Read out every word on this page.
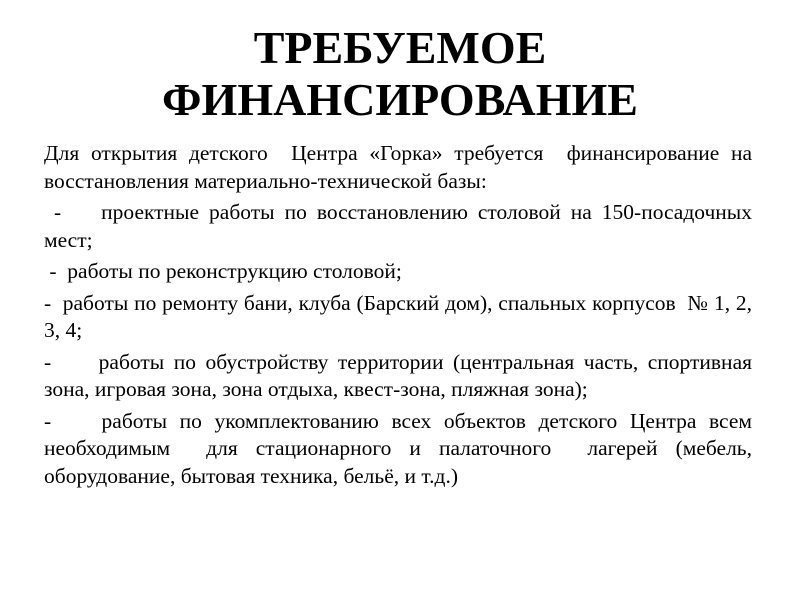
ТРЕБУЕМОЕ
ФИНАНСИРОВАНИЕ

Для открытия детского  Центра «Горка» требуется  финансирование на восстановления материально-технической базы:

-    проектные работы по восстановлению столовой на 150-посадочных мест;

-  работы по реконструкцию столовой;

-  работы по ремонту бани, клуба (Барский дом), спальных корпусов  № 1, 2, 3, 4;

-     работы по обустройству территории (центральная часть, спортивная зона, игровая зона, зона отдыха, квест-зона, пляжная зона);

-    работы по укомплектованию всех объектов детского Центра всем необходимым  для стационарного и палаточного  лагерей (мебель, оборудование, бытовая техника, бельё, и т.д.)
